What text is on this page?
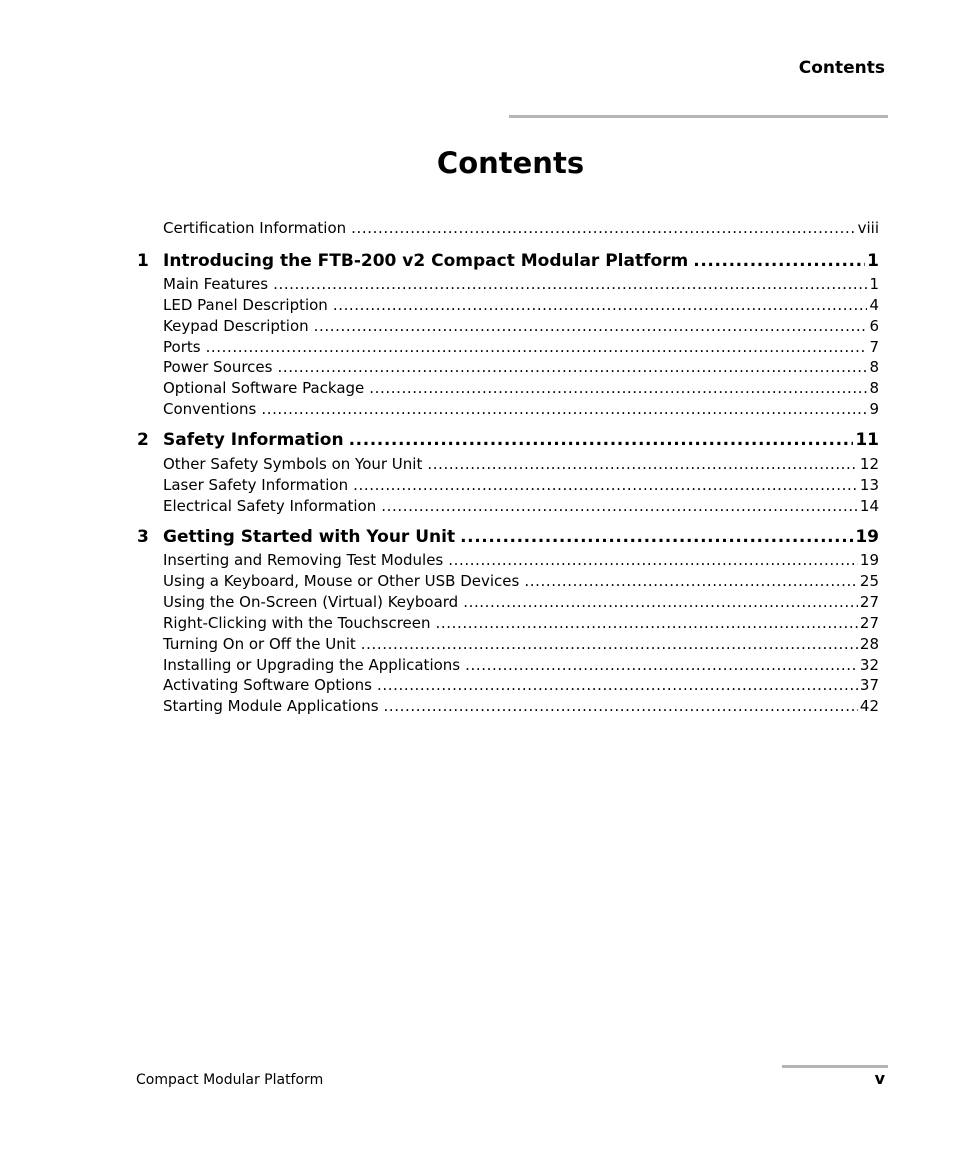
Contents
Contents
Certification Information .....	viii
1 Introducing the FTB-200 v2 Compact Modular Platform .....	1
Main Features .....	1
LED Panel Description .....	4
Keypad Description .....	6
Ports .....	7
Power Sources .....	8
Optional Software Package .....	8
Conventions .....	9
2 Safety Information .....	11
Other Safety Symbols on Your Unit .....	12
Laser Safety Information .....	13
Electrical Safety Information .....	14
3 Getting Started with Your Unit .....	19
Inserting and Removing Test Modules .....	19
Using a Keyboard, Mouse or Other USB Devices .....	25
Using the On-Screen (Virtual) Keyboard .....	27
Right-Clicking with the Touchscreen .....	27
Turning On or Off the Unit .....	28
Installing or Upgrading the Applications .....	32
Activating Software Options .....	37
Starting Module Applications .....	42
Compact Modular Platform	v
